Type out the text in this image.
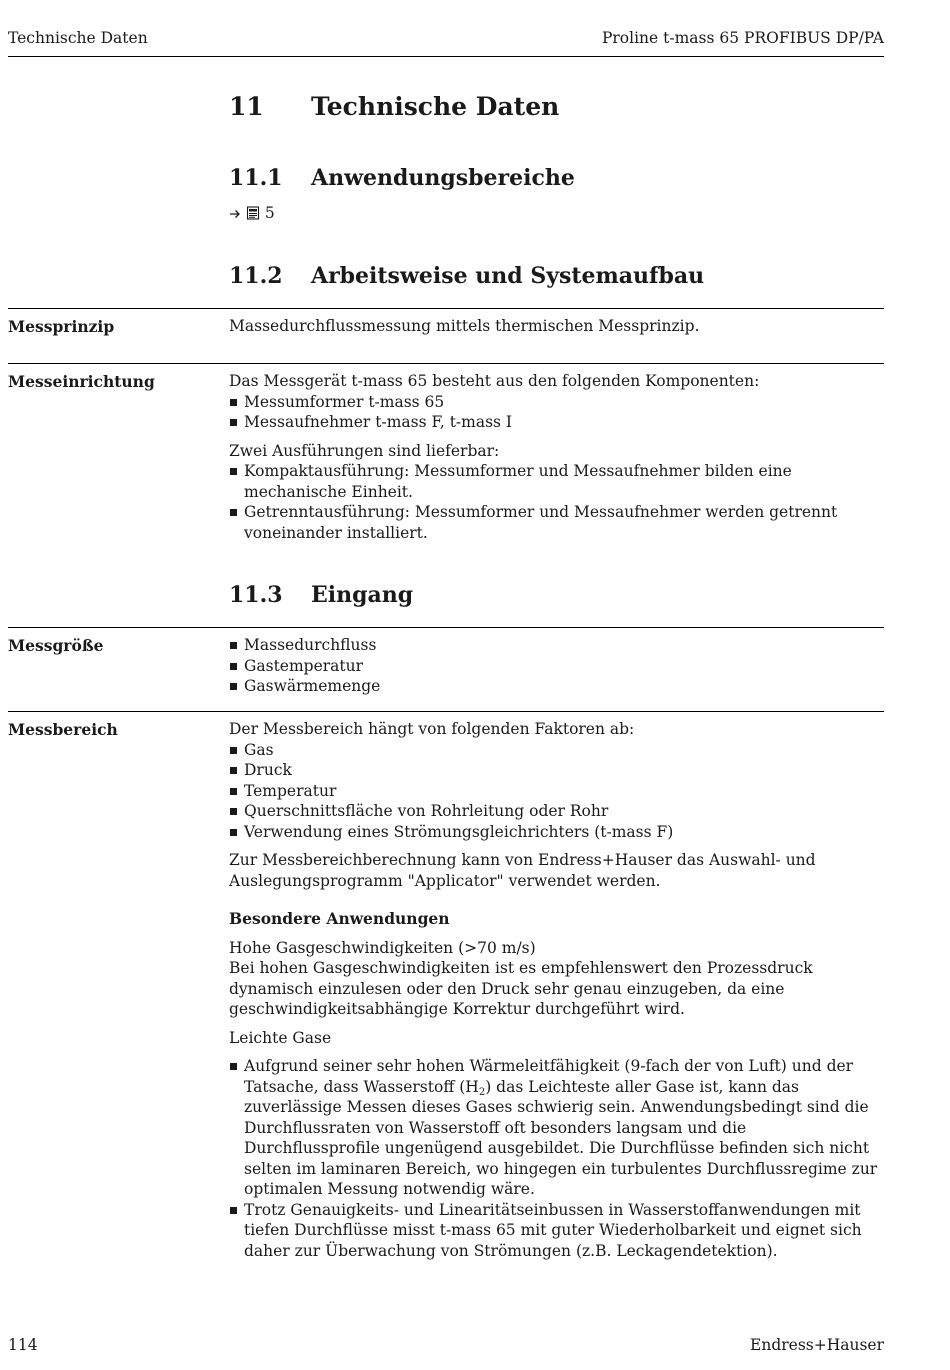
Technische Daten	Proline t-mass 65 PROFIBUS DP/PA
11 Technische Daten
11.1 Anwendungsbereiche
5
11.2 Arbeitsweise und Systemaufbau
Messprinzip	Massedurchflussmessung mittels thermischen Messprinzip.

Messeinrichtung	Das Messgerät t-mass 65 besteht aus den folgenden Komponenten:

Messumformer t-mass 65
Messaufnehmer t-mass F, t-mass I

Zwei Ausführungen sind lieferbar:

Kompaktausführung: Messumformer und Messaufnehmer bilden eine mechanische Einheit.
Getrenntausführung: Messumformer und Messaufnehmer werden getrennt voneinander installiert.
11.3 Eingang
Messgröße	Massedurchfluss
Gastemperatur
Gaswärmemenge
Messbereich	Der Messbereich hängt von folgenden Faktoren ab:

Gas
Druck
Temperatur
Querschnittsfläche von Rohrleitung oder Rohr
Verwendung eines Strömungsgleichrichters (t-mass F)

Zur Messbereichberechnung kann von Endress+Hauser das Auswahl- und Auslegungsprogramm "Applicator" verwendet werden.

Besondere Anwendungen

Hohe Gasgeschwindigkeiten (>70 m/s)

Bei hohen Gasgeschwindigkeiten ist es empfehlenswert den Prozessdruck dynamisch einzulesen oder den Druck sehr genau einzugeben, da eine geschwindigkeitsabhängige Korrektur durchgeführt wird.

Leichte Gase

Aufgrund seiner sehr hohen Wärmeleitfähigkeit (9-fach der von Luft) und der Tatsache, dass Wasserstoff $(H_2)$ das Leichteste aller Gase ist, kann das zuverlässige Messen dieses Gases schwierig sein. Anwendungsbedingt sind die Durchflussraten von Wasserstoff oft besonders langsam und die Durchflussprofile ungenügend ausgebildet. Die Durchflüsse befinden sich nicht selten im laminaren Bereich, wo hingegen ein turbulentes Durchflussregime zur optimalen Messung notwendig wäre.
Trotz Genauigkeits- und Linearitätseinbussen in Wasserstoffanwendungen mit tiefen Durchflüsse misst t-mass 65 mit guter Wiederholbarkeit und eignet sich daher zur Überwachung von Strömungen (z.B. Leckagendetektion).
114	Endress+Hauser
